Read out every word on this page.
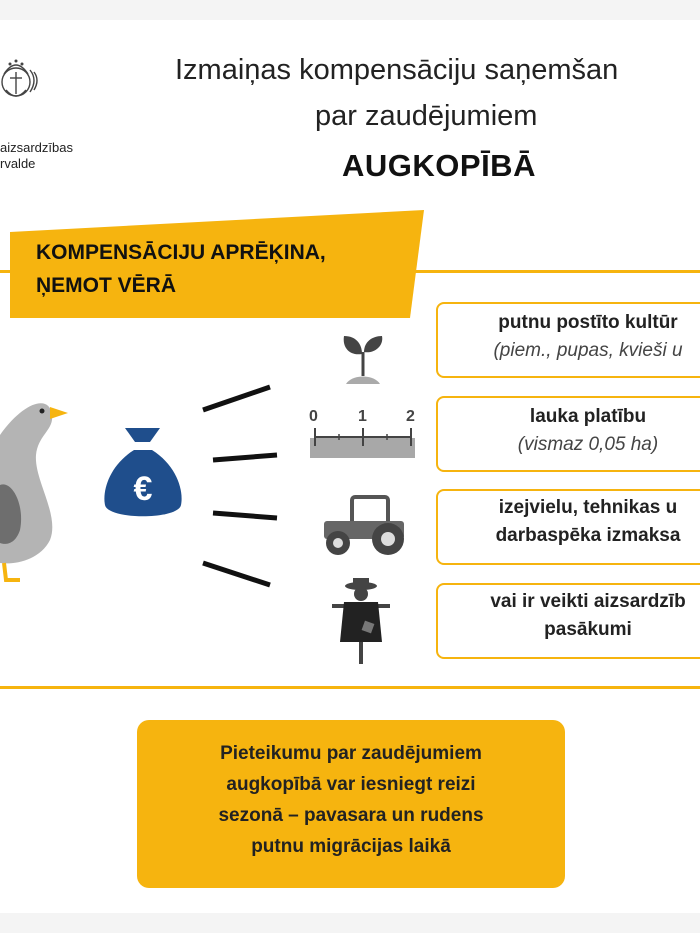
aizsardzības
rvalde
Izmaiņas kompensāciju saņemšan
par zaudējumiem
AUGKOPĪBĀ
KOMPENSĀCIJU APRĒĶINA,
ŅEMOT VĒRĀ
€
0	1 2
putnu postīto kultūr
(piem., pupas, kvieši u
lauka platību
(vismaz 0,05 ha)
izejvielu, tehnikas u
darbaspēka izmaksa
vai ir veikti aizsardzīb
pasākumi
Pieteikumu par zaudējumiem
augkopībā var iesniegt reizi
sezonā – pavasara un rudens
putnu migrācijas laikā
